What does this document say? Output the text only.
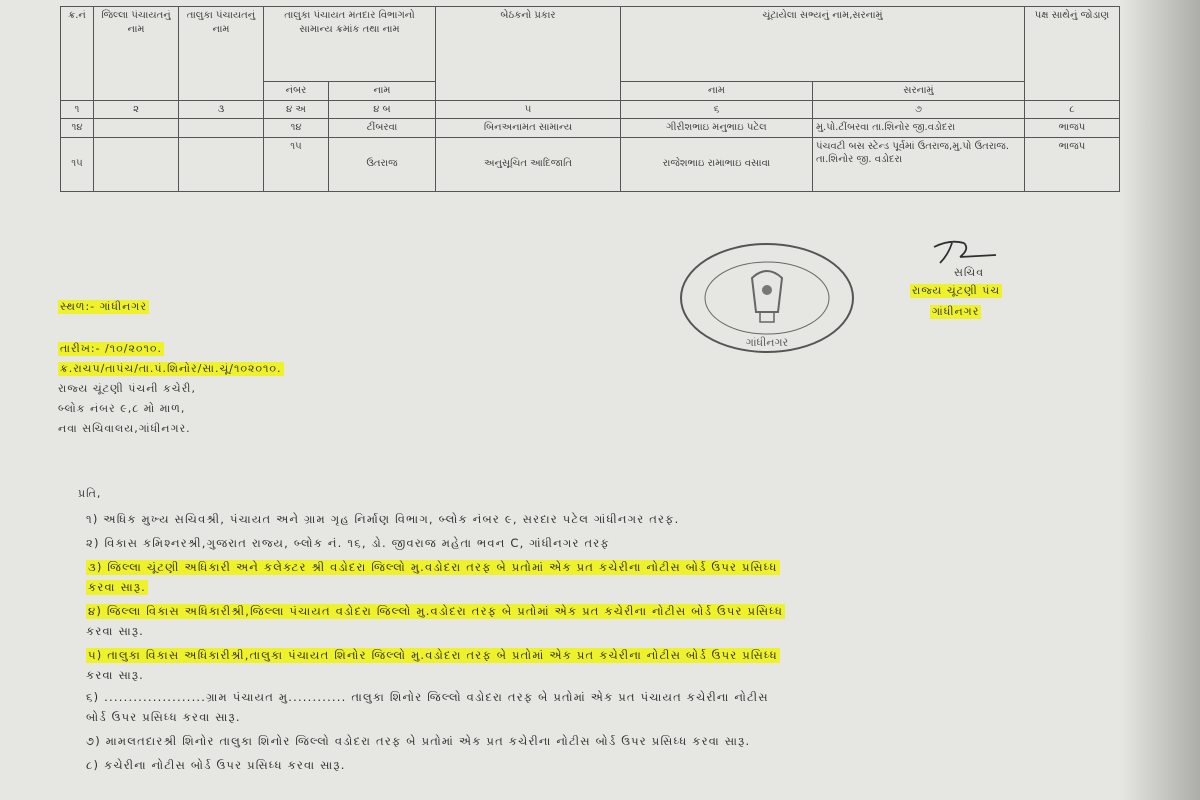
ક્ર.નં	જિલ્લા પંચાયતનું નામ	તાલુકા પંચાયતનું નામ	તાલુકા પંચાયત મતદાર વિભાગનો સામાન્ય ક્રમાંક તથા નામ		બેઠકનો પ્રકાર	ચૂંટાયેલા સભ્યનું નામ,સરનામું		પક્ષ સાથેનું જોડાણ
			નંબર	નામ		નામ	સરનામું	
૧	૨	૩	૪ અ	૪ બ	૫	૬	૭	૮
૧૪			૧૪	ટીંબરવા	બિનઅનામત સામાન્ય	ગીરીશભાઇ મનુભાઇ પટેલ	મુ.પો.ટીંબરવા તા.શિનોર જી.વડોદરા	ભાજપ
૧૫			૧૫	ઉતરાજ	અનુસૂચિત આદિજાતિ	રાજેશભાઇ રામાભાઇ વસાવા	પંચવટી બસ સ્ટેન્ડ પૂર્વમાં ઉતરાજ,મુ.પો ઉતરાજ. તા.શિનોર જી. વડોદરા	ભાજપ
ગાંધીનગર
સચિવ
રાજ્ય ચૂંટણી પંચ
ગાંધીનગર
સ્થળ:- ગાંધીનગર
તારીખ:- /૧૦/૨૦૧૦.
ક્ર.રાચપ/તાપંચ/તા.પં.શિનોર/સા.ચૂં/૧૦૨૦૧૦.
રાજ્ય ચૂંટણી પંચની કચેરી,
બ્લોક નંબર ૯,૮ મો માળ,
નવા સચિવાલય,ગાંધીનગર.
પ્રતિ,
૧) અધિક મુખ્ય સચિવશ્રી, પંચાયત અને ગ્રામ ગૃહ નિર્માણ વિભાગ, બ્લોક નંબર ૯, સરદાર પટેલ ગાંધીનગર તરફ.
૨) વિકાસ કમિશ્નરશ્રી,ગુજરાત રાજ્ય, બ્લોક નં. ૧૬, ડો. જીવરાજ મહેતા ભવન C, ગાંધીનગર તરફ
૩) જિલ્લા ચૂંટણી અધિકારી અને કલેક્ટર શ્રી વડોદરા જિલ્લો મુ.વડોદરા તરફ બે પ્રતોમાં એક પ્રત કચેરીના નોટીસ બોર્ડ ઉપર પ્રસિધ્ધ
કરવા સારૂ.
૪) જિલ્લા વિકાસ અધિકારીશ્રી,જિલ્લા પંચાયત વડોદરા જિલ્લો મુ.વડોદરા તરફ બે પ્રતોમાં એક પ્રત કચેરીના નોટીસ બોર્ડ ઉપર પ્રસિધ્ધ
કરવા સારૂ.
૫) તાલુકા વિકાસ અધિકારીશ્રી,તાલુકા પંચાયત શિનોર જિલ્લો મુ.વડોદરા તરફ બે પ્રતોમાં એક પ્રત કચેરીના નોટીસ બોર્ડ ઉપર પ્રસિધ્ધ
કરવા સારૂ.
૬) .....................ગ્રામ પંચાયત મુ............ તાલુકા શિનોર જિલ્લો વડોદરા તરફ બે પ્રતોમાં એક પ્રત પંચાયત કચેરીના નોટીસ
બોર્ડ ઉપર પ્રસિધ્ધ કરવા સારૂ.
૭) મામલતદારશ્રી શિનોર તાલુકા શિનોર જિલ્લો વડોદરા તરફ બે પ્રતોમાં એક પ્રત કચેરીના નોટીસ બોર્ડ ઉપર પ્રસિધ્ધ કરવા સારૂ.
૮) કચેરીના નોટીસ બોર્ડ ઉપર પ્રસિધ્ધ કરવા સારૂ.
